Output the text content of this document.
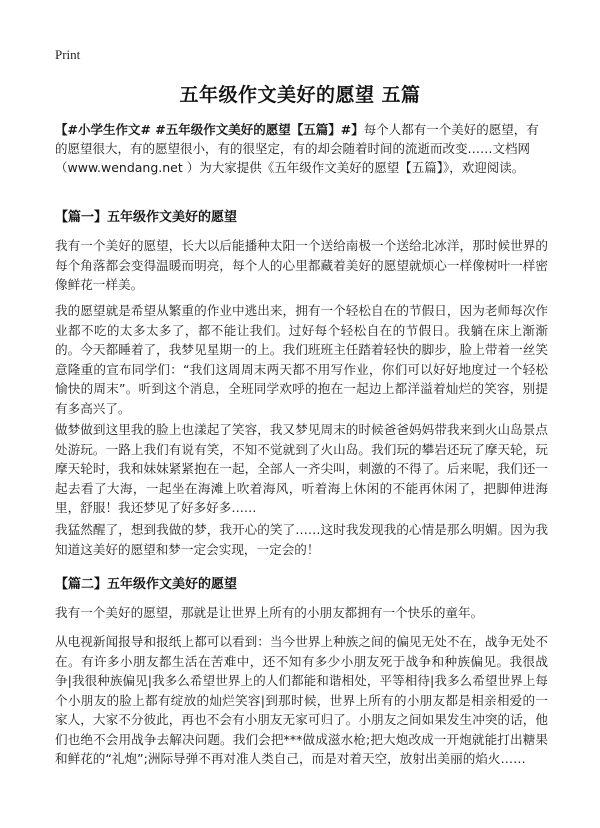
Print
五年级作文美好的愿望 五篇
【#小学生作文# #五年级作文美好的愿望【五篇】#】每个人都有一个美好的愿望，有的愿望很大，有的愿望很小，有的很坚定，有的却会随着时间的流逝而改变……文档网（www.wendang.net ）为大家提供《五年级作文美好的愿望【五篇】》，欢迎阅读。
【篇一】五年级作文美好的愿望
我有一个美好的愿望，长大以后能播种太阳一个送给南极一个送给北冰洋，那时候世界的每个角落都会变得温暖而明亮，每个人的心里都藏着美好的愿望就烦心一样像树叶一样密像鲜花一样美。
我的愿望就是希望从繁重的作业中逃出来，拥有一个轻松自在的节假日，因为老师每次作业都不吃的太多太多了，都不能让我们。过好每个轻松自在的节假日。我躺在床上渐渐的。今天都睡着了，我梦见星期一的上。我们班班主任踏着轻快的脚步，脸上带着一丝笑意隆重的宣布同学们：“我们这周周末两天都不用写作业，你们可以好好地度过一个轻松愉快的周末”。听到这个消息，全班同学欢呼的抱在一起边上都洋溢着灿烂的笑容，别提有多高兴了。
做梦做到这里我的脸上也漾起了笑容，我又梦见周末的时候爸爸妈妈带我来到火山岛景点处游玩。一路上我们有说有笑，不知不觉就到了火山岛。我们玩的攀岩还玩了摩天轮，玩摩天轮时，我和妹妹紧紧抱在一起，全部人一齐尖叫，刺激的不得了。后来呢，我们还一起去看了大海，一起坐在海滩上吹着海风，听着海上休闲的不能再休闲了，把脚伸进海里，舒服！我还梦见了好多好多……
我猛然醒了，想到我做的梦，我开心的笑了……这时我发现我的心情是那么明媚。因为我知道这美好的愿望和梦一定会实现，一定会的！
【篇二】五年级作文美好的愿望
我有一个美好的愿望，那就是让世界上所有的小朋友都拥有一个快乐的童年。
从电视新闻报导和报纸上都可以看到：当今世界上种族之间的偏见无处不在，战争无处不在。有许多小朋友都生活在苦难中，还不知有多少小朋友死于战争和种族偏见。我很战争|我很种族偏见|我多么希望世界上的人们都能和谐相处，平等相待|我多么希望世界上每个小朋友的脸上都有绽放的灿烂笑容|到那时候，世界上所有的小朋友都是相亲相爱的一家人，大家不分彼此，再也不会有小朋友无家可归了。小朋友之间如果发生冲突的话，他们也绝不会用战争去解决问题。我们会把***做成滋水枪;把大炮改成一开炮就能打出糖果和鲜花的“礼炮”;洲际导弹不再对准人类自己，而是对着天空，放射出美丽的焰火……
